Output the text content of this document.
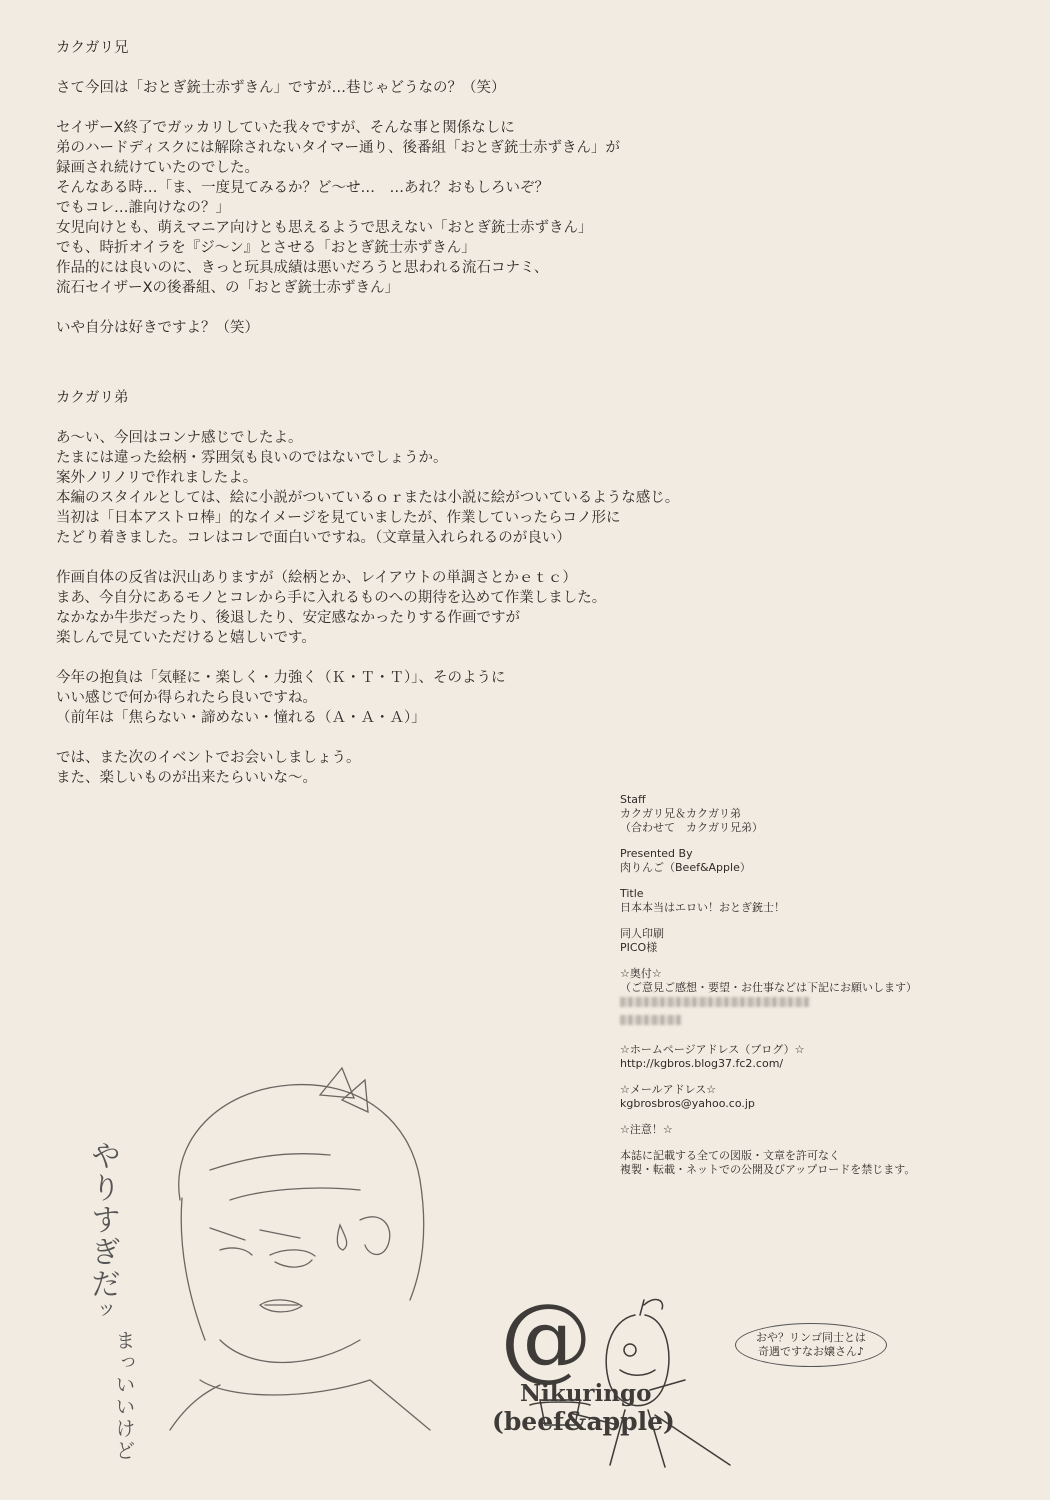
カクガリ兄
さて今回は「おとぎ銃士赤ずきん」ですが…巷じゃどうなの？（笑）
セイザーX終了でガッカリしていた我々ですが、そんな事と関係なしに
弟のハードディスクには解除されないタイマー通り、後番組「おとぎ銃士赤ずきん」が
録画され続けていたのでした。
そんなある時…「ま、一度見てみるか？ど～せ…　…あれ？おもしろいぞ？
でもコレ…誰向けなの？」
女児向けとも、萌えマニア向けとも思えるようで思えない「おとぎ銃士赤ずきん」
でも、時折オイラを『ジ～ン』とさせる「おとぎ銃士赤ずきん」
作品的には良いのに、きっと玩具成績は悪いだろうと思われる流石コナミ、
流石セイザーXの後番組、の「おとぎ銃士赤ずきん」
いや自分は好きですよ？（笑）
カクガリ弟
あ～い、今回はコンナ感じでしたよ。
たまには違った絵柄・雰囲気も良いのではないでしょうか。
案外ノリノリで作れましたよ。
本編のスタイルとしては、絵に小説がついているｏｒまたは小説に絵がついているような感じ。
当初は「日本アストロ棒」的なイメージを見ていましたが、作業していったらコノ形に
たどり着きました。コレはコレで面白いですね。（文章量入れられるのが良い）
作画自体の反省は沢山ありますが（絵柄とか、レイアウトの単調さとかｅｔｃ）
まあ、今自分にあるモノとコレから手に入れるものへの期待を込めて作業しました。
なかなか牛歩だったり、後退したり、安定感なかったりする作画ですが
楽しんで見ていただけると嬉しいです。
今年の抱負は「気軽に・楽しく・力強く（Ｋ・Ｔ・Ｔ）」、そのように
いい感じで何か得られたら良いですね。
（前年は「焦らない・諦めない・憧れる（Ａ・Ａ・Ａ）」
では、また次のイベントでお会いしましょう。
また、楽しいものが出来たらいいな～。
Staff
カクガリ兄＆カクガリ弟
（合わせて　カクガリ兄弟）
Presented By
肉りんご（Beef&Apple）
Title
日本本当はエロい！おとぎ銃士！
同人印刷
PICO様
☆奥付☆
（ご意見ご感想・要望・お仕事などは下記にお願いします）

☆ホームページアドレス（ブログ）☆
http://kgbros.blog37.fc2.com/
☆メールアドレス☆
kgbrosbros@yahoo.co.jp
☆注意！☆
本誌に記載する全ての図版・文章を許可なく
複製・転載・ネットでの公開及びアップロードを禁じます。
やりすぎだッ
まっいいけど	@
Nikuringo
(beef&apple)
おや？リンゴ同士とは
奇遇ですなお嬢さん♪
